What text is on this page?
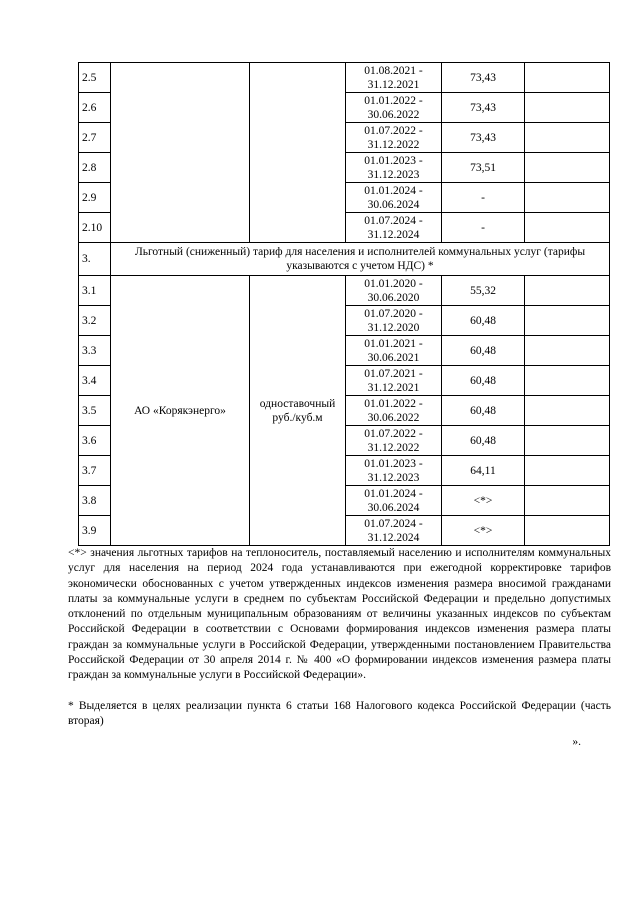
2.5			01.08.2021 - 31.12.2021	73,43	
2.6			01.01.2022 - 30.06.2022	73,43	
2.7			01.07.2022 - 31.12.2022	73,43	
2.8			01.01.2023 - 31.12.2023	73,51	
2.9			01.01.2024 - 30.06.2024	-	
2.10			01.07.2024 - 31.12.2024	-	
3.	Льготный (сниженный) тариф для населения и исполнителей коммунальных услуг (тарифы указываются с учетом НДС) *				
3.1	АО «Корякэнерго»	одноставочный руб./куб.м	01.01.2020 - 30.06.2020	55,32	
3.2			01.07.2020 - 31.12.2020	60,48	
3.3			01.01.2021 - 30.06.2021	60,48	
3.4			01.07.2021 - 31.12.2021	60,48	
3.5			01.01.2022 - 30.06.2022	60,48	
3.6			01.07.2022 - 31.12.2022	60,48	
3.7			01.01.2023 - 31.12.2023	64,11	
3.8			01.01.2024 - 30.06.2024	<*>	
3.9			01.07.2024 - 31.12.2024	<*>	

<*> значения льготных тарифов на теплоноситель, поставляемый населению и исполнителям коммунальных услуг для населения на период 2024 года устанавливаются при ежегодной корректировке тарифов экономически обоснованных с учетом утвержденных индексов изменения размера вносимой гражданами платы за коммунальные услуги в среднем по субъектам Российской Федерации и предельно допустимых отклонений по отдельным муниципальным образованиям от величины указанных индексов по субъектам Российской Федерации в соответствии с Основами формирования индексов изменения размера платы граждан за коммунальные услуги в Российской Федерации, утвержденными постановлением Правительства Российской Федерации от 30 апреля 2014 г. № 400 «О формировании индексов изменения размера платы граждан за коммунальные услуги в Российской Федерации».

* Выделяется в целях реализации пункта 6 статьи 168 Налогового кодекса Российской Федерации (часть вторая)

».
